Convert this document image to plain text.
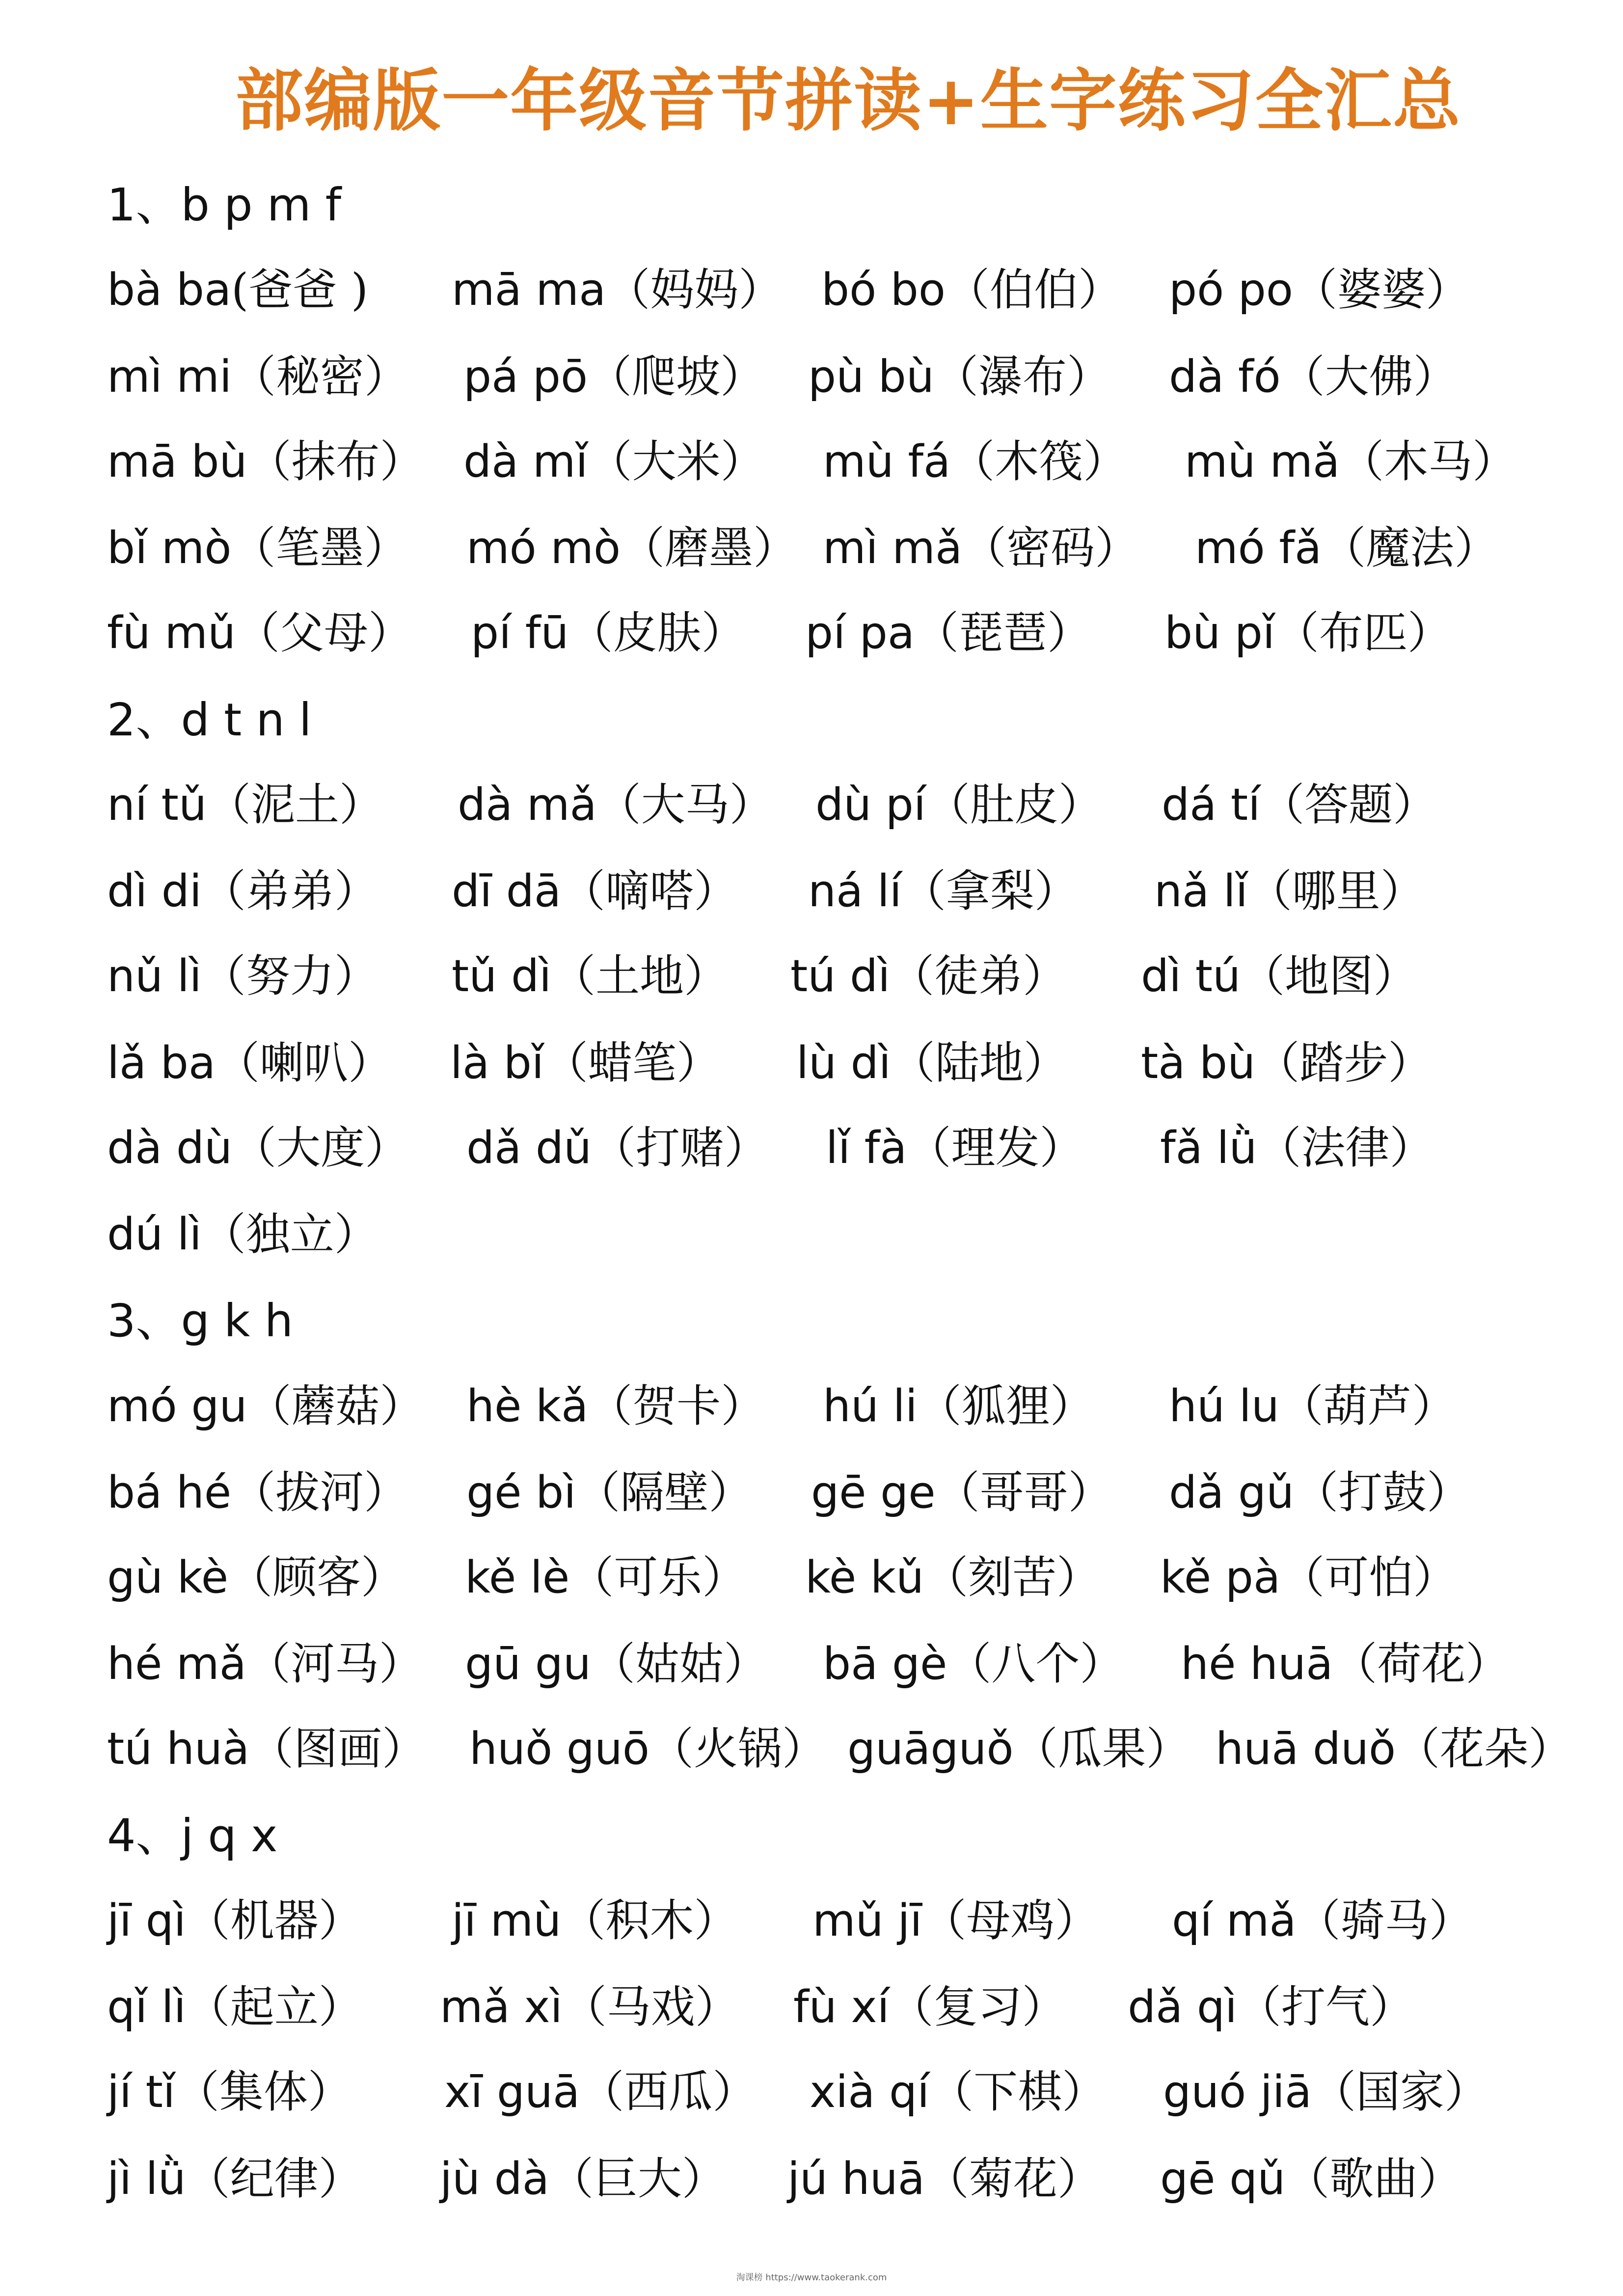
部编版一年级音节拼读+生字练习全汇总
1、b p m f
bà ba(爸爸 ) mā ma（妈妈） bó bo（伯伯） pó po（婆婆）
mì mi（秘密） pá pō（爬坡） pù bù（瀑布） dà fó（大佛）
mā bù（抹布） dà mǐ（大米） mù fá（木筏） mù mǎ（木马）
bǐ mò（笔墨） mó mò（磨墨） mì mǎ（密码） mó fǎ（魔法）
fù mǔ（父母） pí fū（皮肤） pí pa（琵琶） bù pǐ（布匹）
2、d t n l
ní tǔ（泥土） dà mǎ（大马） dù pí（肚皮） dá tí（答题）
dì di（弟弟） dī dā（嘀嗒） ná lí（拿梨） nǎ lǐ（哪里）
nǔ lì（努力） tǔ dì（土地） tú dì（徒弟） dì tú（地图）
lǎ ba（喇叭） là bǐ（蜡笔） lù dì（陆地） tà bù（踏步）
dà dù（大度） dǎ dǔ（打赌） lǐ fà（理发） fǎ lǜ（法律）
dú lì（独立）
3、g k h
mó gu（蘑菇） hè kǎ（贺卡） hú li（狐狸） hú lu（葫芦）
bá hé（拔河） gé bì（隔壁） gē ge（哥哥） dǎ gǔ（打鼓）
gù kè（顾客） kě lè（可乐） kè kǔ（刻苦） kě pà（可怕）
hé mǎ（河马） gū gu（姑姑） bā gè（八个） hé huā（荷花）
tú huà（图画） huǒ guō（火锅） guāguǒ（瓜果） huā duǒ（花朵）
4、j q x
jī qì（机器） jī mù（积木） mǔ jī（母鸡） qí mǎ（骑马）
qǐ lì（起立） mǎ xì（马戏） fù xí（复习） dǎ qì（打气）
jí tǐ（集体） xī guā（西瓜） xià qí（下棋） guó jiā（国家）
jì lǜ（纪律） jù dà（巨大） jú huā（菊花） gē qǔ（歌曲）
淘课榜 https://www.taokerank.com
